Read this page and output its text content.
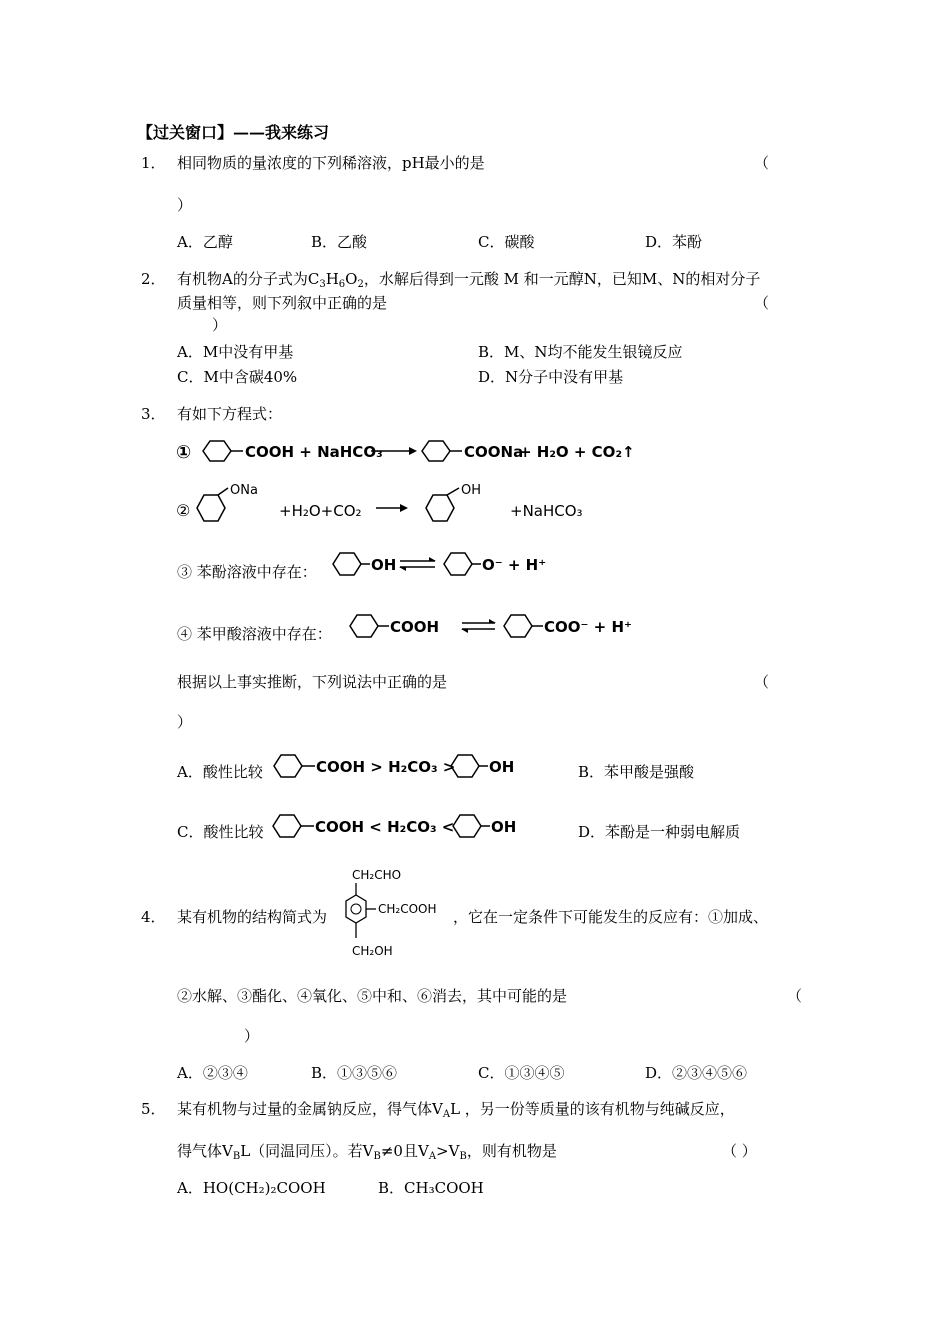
【过关窗口】——我来练习
1． 相同物质的量浓度的下列稀溶液，pH最小的是	（
）
A．乙醇	B．乙酸	C．碳酸	D．苯酚
2． 有机物A的分子式为$C_3H_6O_2$，水解后得到一元酸 M 和一元醇N，已知M、N的相对分子
质量相等，则下列叙中正确的是	（
）
A．M中没有甲基	B．M、N均不能发生银镜反应
C．M中含碳40%	D．N分子中没有甲基
3． 有如下方程式：
①	COOH + NaHCO₃	COONa
+ H₂O + CO₂↑
②
ONa
+H₂O+CO₂
OH
+NaHCO₃
③ 苯酚溶液中存在：	OH	O⁻ + H⁺
④ 苯甲酸溶液中存在：	COOH	COO⁻ + H⁺
根据以上事实推断，下列说法中正确的是	（
）
A．酸性比较	COOH > H₂CO₃ > OH	B．苯甲酸是强酸
C．酸性比较	COOH < H₂CO₃ < OH	D．苯酚是一种弱电解质
4． 某有机物的结构简式为
CH₂CHO
CH₂COOH
CH₂OH
，它在一定条件下可能发生的反应有：①加成、
②水解、③酯化、④氧化、⑤中和、⑥消去，其中可能的是	（
）
A．②③④	B．①③⑤⑥	C．①③④⑤	D．②③④⑤⑥
5． 某有机物与过量的金属钠反应，得气体$V_AL$ ，另一份等质量的该有机物与纯碱反应，
得气体$V_BL$（同温同压）。若$V_B\ne 0$且$V_A>V_B$，则有机物是	（ ）
A．HO(CH₂)₂COOH	B．CH₃COOH
